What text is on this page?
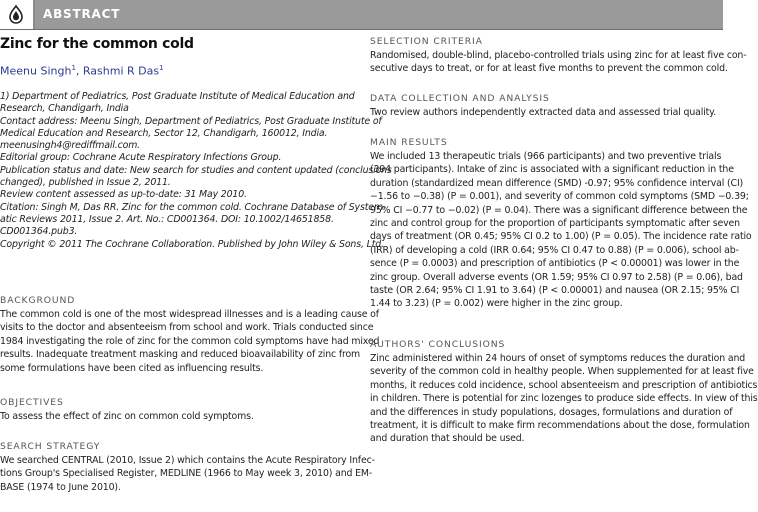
ABSTRACT
Zinc for the common cold
Meenu Singh$^1$, Rashmi R Das$^1$
1) Department of Pediatrics, Post Graduate Institute of Medical Education and
Research, Chandigarh, India
Contact address: Meenu Singh, Department of Pediatrics, Post Graduate Institute of
Medical Education and Research, Sector 12, Chandigarh, 160012, India.
meenusingh4@rediffmail.com.
Editorial group: Cochrane Acute Respiratory Infections Group.
Publication status and date: New search for studies and content updated (conclusions
changed), published in Issue 2, 2011.
Review content assessed as up-to-date: 31 May 2010.
Citation: Singh M, Das RR. Zinc for the common cold. Cochrane Database of System-
atic Reviews 2011, Issue 2. Art. No.: CD001364. DOI: 10.1002/14651858.
CD001364.pub3.
Copyright © 2011 The Cochrane Collaboration. Published by John Wiley & Sons, Ltd.
BACKGROUND
The common cold is one of the most widespread illnesses and is a leading cause of
visits to the doctor and absenteeism from school and work. Trials conducted since
1984 investigating the role of zinc for the common cold symptoms have had mixed
results. Inadequate treatment masking and reduced bioavailability of zinc from
some formulations have been cited as influencing results.
OBJECTIVES
To assess the effect of zinc on common cold symptoms.
SEARCH STRATEGY
We searched CENTRAL (2010, Issue 2) which contains the Acute Respiratory Infec-
tions Group's Specialised Register, MEDLINE (1966 to May week 3, 2010) and EM-
BASE (1974 to June 2010).
SELECTION CRITERIA
Randomised, double-blind, placebo-controlled trials using zinc for at least five con-
secutive days to treat, or for at least five months to prevent the common cold.
DATA COLLECTION AND ANALYSIS
Two review authors independently extracted data and assessed trial quality.
MAIN RESULTS
We included 13 therapeutic trials (966 participants) and two preventive trials
(394 participants). Intake of zinc is associated with a significant reduction in the
duration (standardized mean difference (SMD) -0.97; 95% confidence interval (CI)
−1.56 to −0.38) (P = 0.001), and severity of common cold symptoms (SMD −0.39;
95% CI −0.77 to −0.02) (P = 0.04). There was a significant difference between the
zinc and control group for the proportion of participants symptomatic after seven
days of treatment (OR 0.45; 95% CI 0.2 to 1.00) (P = 0.05). The incidence rate ratio
(IRR) of developing a cold (IRR 0.64; 95% CI 0.47 to 0.88) (P = 0.006), school ab-
sence (P = 0.0003) and prescription of antibiotics (P < 0.00001) was lower in the
zinc group. Overall adverse events (OR 1.59; 95% CI 0.97 to 2.58) (P = 0.06), bad
taste (OR 2.64; 95% CI 1.91 to 3.64) (P < 0.00001) and nausea (OR 2.15; 95% CI
1.44 to 3.23) (P = 0.002) were higher in the zinc group.
AUTHORS' CONCLUSIONS
Zinc administered within 24 hours of onset of symptoms reduces the duration and
severity of the common cold in healthy people. When supplemented for at least five
months, it reduces cold incidence, school absenteeism and prescription of antibiotics
in children. There is potential for zinc lozenges to produce side effects. In view of this
and the differences in study populations, dosages, formulations and duration of
treatment, it is difficult to make firm recommendations about the dose, formulation
and duration that should be used.
